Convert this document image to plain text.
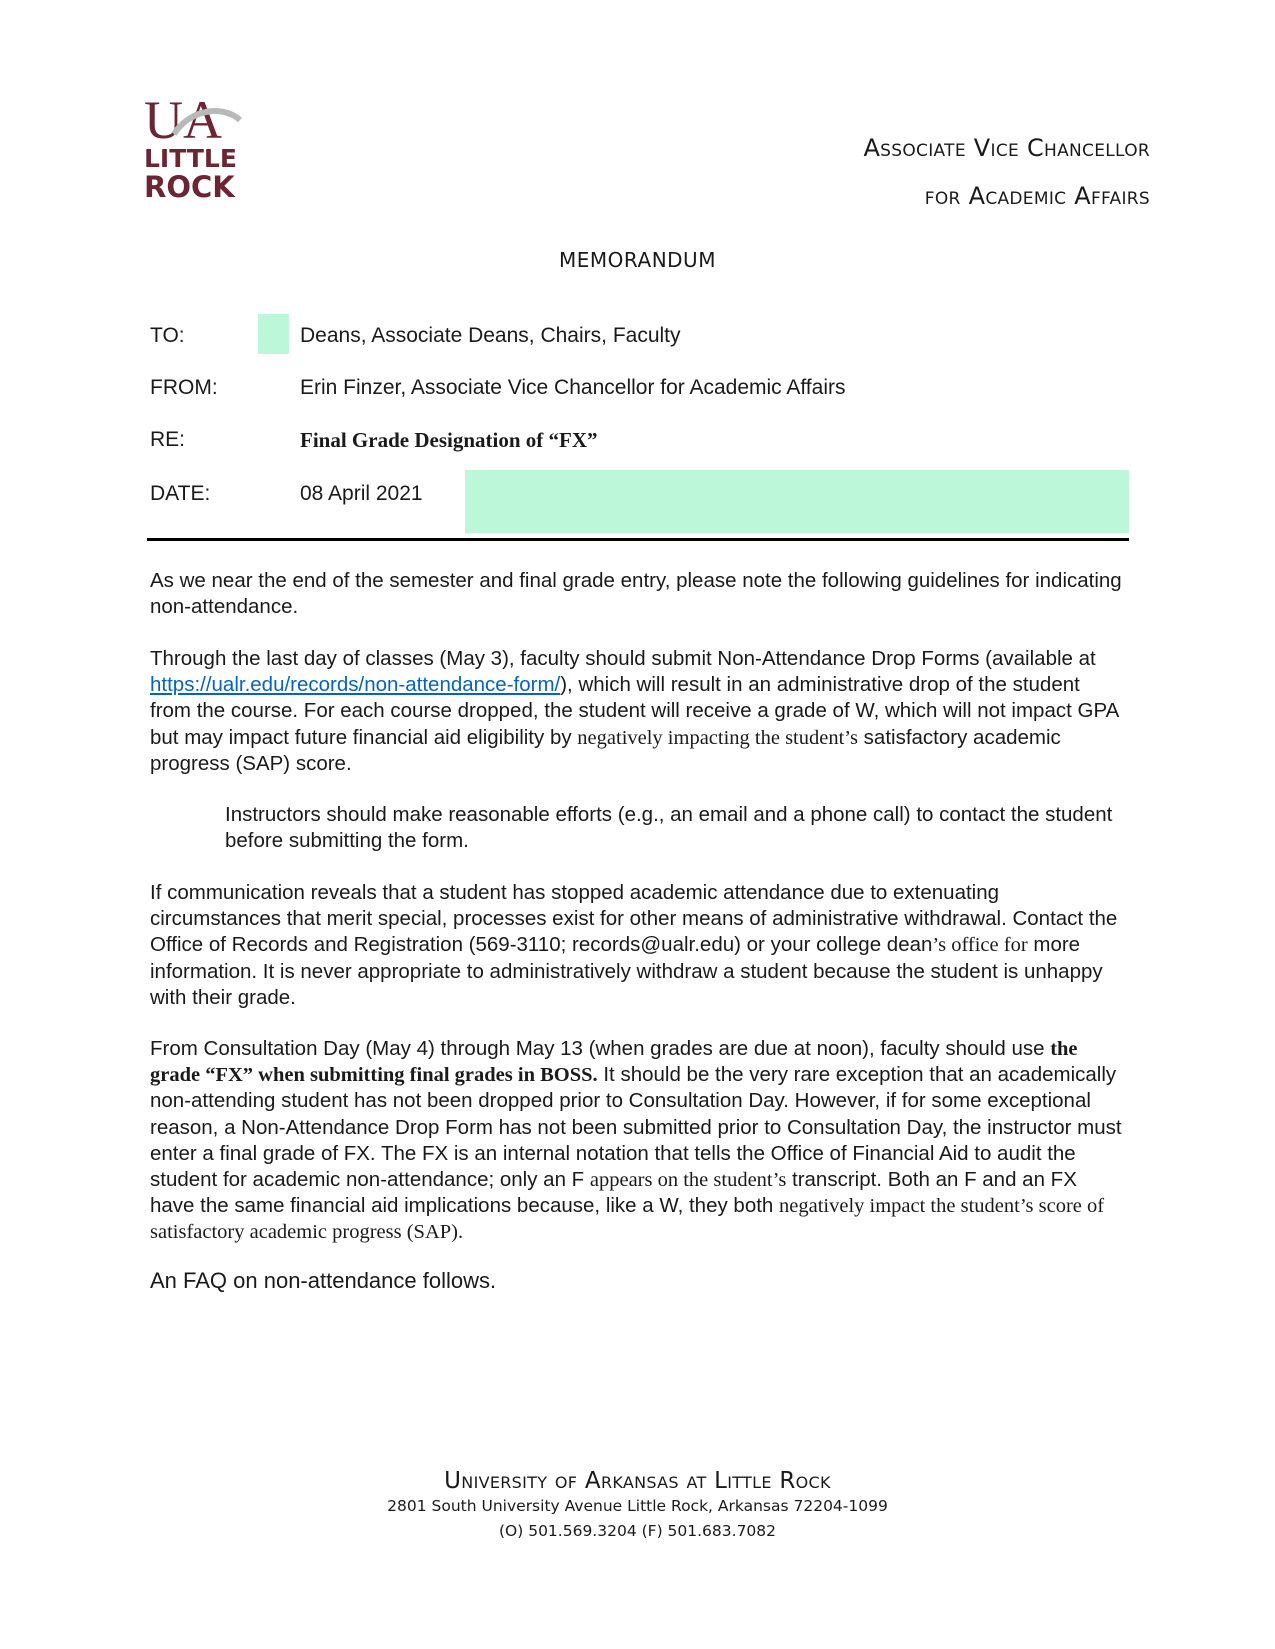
UA
LITTLE
ROCK
Associate Vice Chancellor
for Academic Affairs
MEMORANDUM
TO:	Deans, Associate Deans, Chairs, Faculty
FROM:	Erin Finzer, Associate Vice Chancellor for Academic Affairs
RE:	Final Grade Designation of “FX”
DATE:	08 April 2021

As we near the end of the semester and final grade entry, please note the following guidelines for indicating non-attendance.

Through the last day of classes (May 3), faculty should submit Non-Attendance Drop Forms (available at https://ualr.edu/records/non-attendance-form/), which will result in an administrative drop of the student from the course. For each course dropped, the student will receive a grade of W, which will not impact GPA but may impact future financial aid eligibility by negatively impacting the student’s satisfactory academic progress (SAP) score.

Instructors should make reasonable efforts (e.g., an email and a phone call) to contact the student before submitting the form.

If communication reveals that a student has stopped academic attendance due to extenuating circumstances that merit special, processes exist for other means of administrative withdrawal. Contact the Office of Records and Registration (569-3110; records@ualr.edu) or your college dean’s office for more information. It is never appropriate to administratively withdraw a student because the student is unhappy with their grade.

From Consultation Day (May 4) through May 13 (when grades are due at noon), faculty should use the grade “FX” when submitting final grades in BOSS. It should be the very rare exception that an academically non-attending student has not been dropped prior to Consultation Day. However, if for some exceptional reason, a Non-Attendance Drop Form has not been submitted prior to Consultation Day, the instructor must enter a final grade of FX. The FX is an internal notation that tells the Office of Financial Aid to audit the student for academic non-attendance; only an F appears on the student’s transcript. Both an F and an FX have the same financial aid implications because, like a W, they both negatively impact the student’s score of satisfactory academic progress (SAP).

An FAQ on non-attendance follows.

University of Arkansas at Little Rock
2801 South University Avenue Little Rock, Arkansas 72204-1099
(O) 501.569.3204 (F) 501.683.7082
